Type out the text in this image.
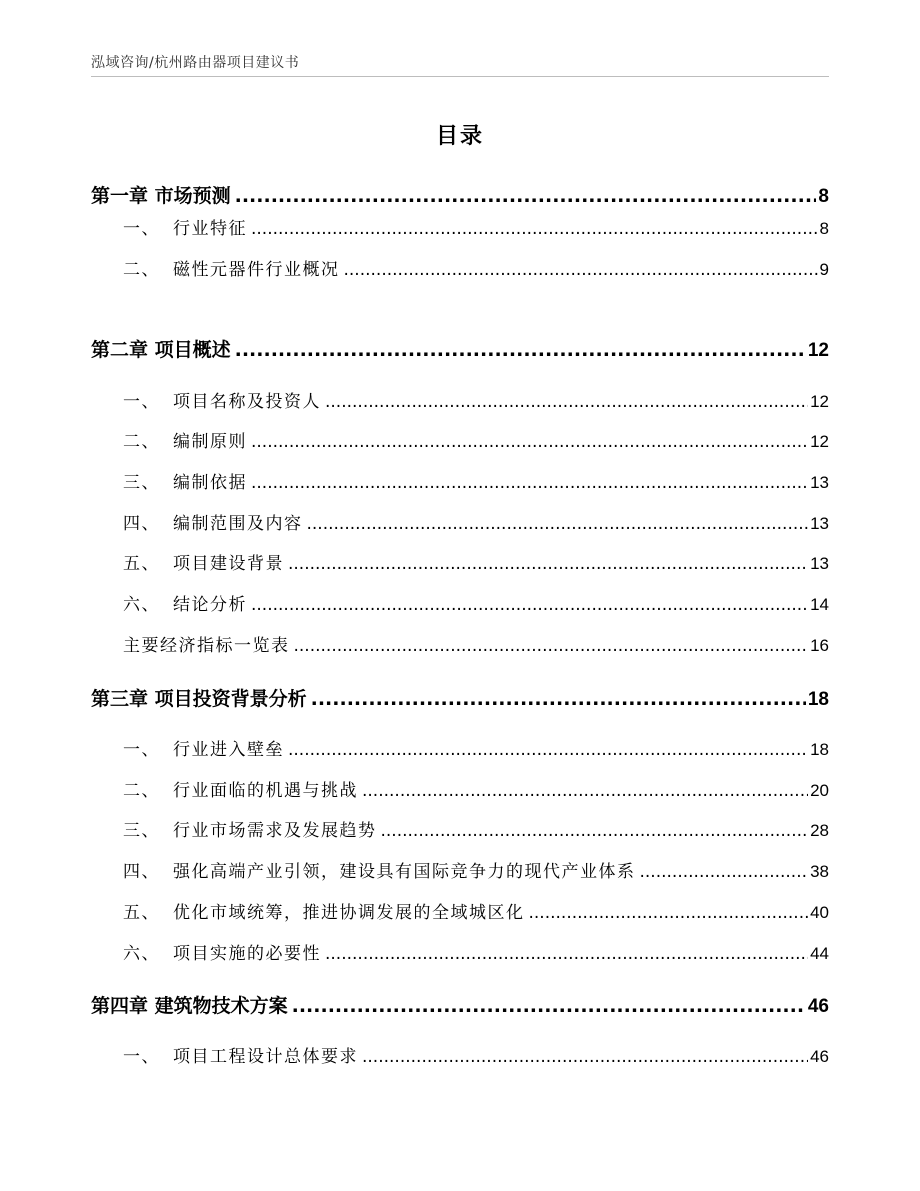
泓域咨询/杭州路由器项目建议书
目录
第一章 市场预测 .....	8
一、 行业特征 .....	8
二、 磁性元器件行业概况 .....	9
第二章 项目概述 .....	12
一、 项目名称及投资人 .....	12
二、 编制原则 .....	12
三、 编制依据 .....	13
四、 编制范围及内容 .....	13
五、 项目建设背景 .....	13
六、 结论分析 .....	14
主要经济指标一览表 .....	16
第三章 项目投资背景分析 .....	18
一、 行业进入壁垒 .....	18
二、 行业面临的机遇与挑战 .....	20
三、 行业市场需求及发展趋势 .....	28
四、 强化高端产业引领，建设具有国际竞争力的现代产业体系 .....	38
五、 优化市域统筹，推进协调发展的全域城区化 .....	40
六、 项目实施的必要性 .....	44
第四章 建筑物技术方案 .....	46
一、 项目工程设计总体要求 .....	46
